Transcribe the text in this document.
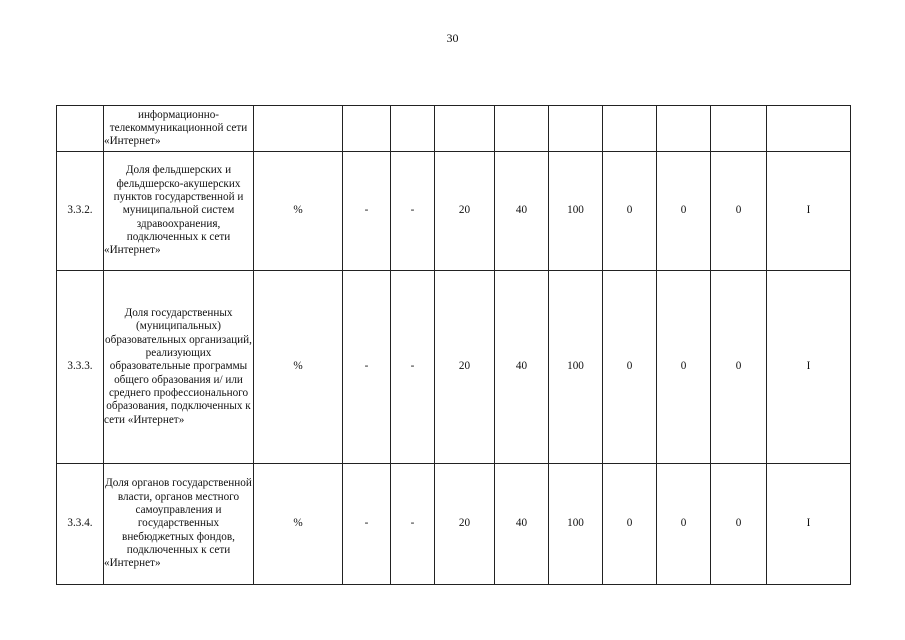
30

	информационно-телекоммуникационной сети «Интернет»										

3.3.2.	Доля фельдшерских и фельдшерско-акушерских пунктов государственной и муниципальной систем здравоохранения, подключенных к сети «Интернет»	%	-	-	20	40	100	0	0	0	I
3.3.3.	Доля государственных (муниципальных) образовательных организаций, реализующих образовательные программы общего образования и/ или среднего профессионального образования, подключенных к сети «Интернет»	%	-	-	20	40	100	0	0	0	I
3.3.4.	Доля органов государственной власти, органов местного самоуправления и государственных внебюджетных фондов, подключенных к сети «Интернет»	%	-	-	20	40	100	0	0	0	I
